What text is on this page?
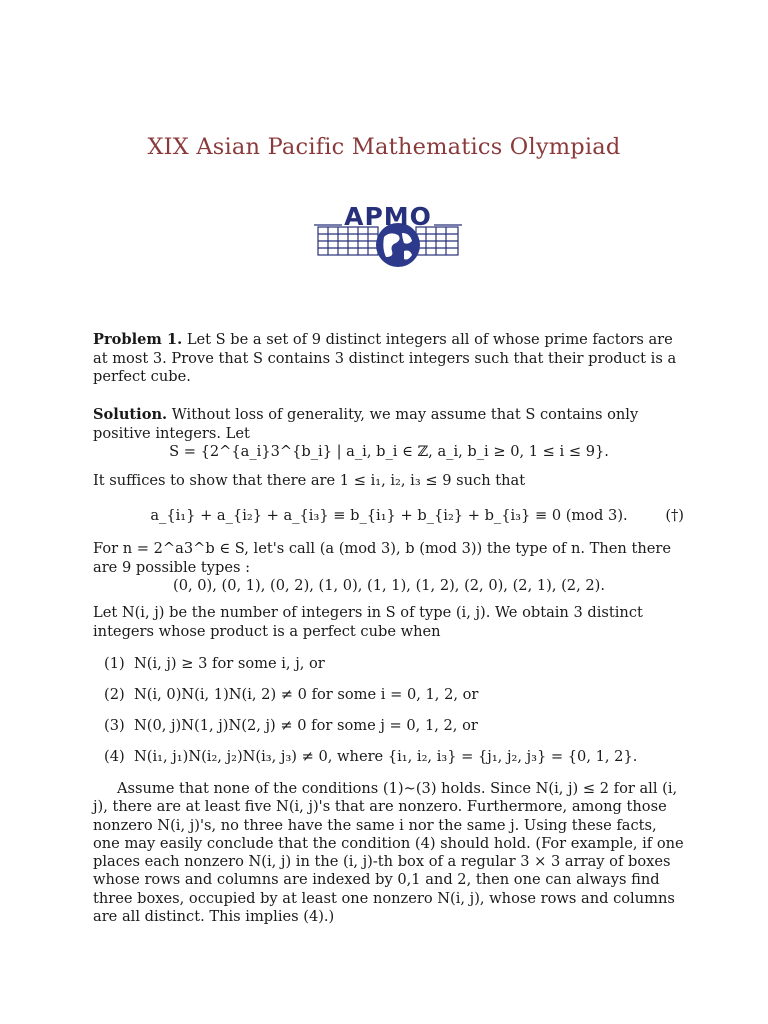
XIX Asian Pacific Mathematics Olympiad
APMO
Problem 1. Let S be a set of 9 distinct integers all of whose prime factors are at most 3. Prove that S contains 3 distinct integers such that their product is a perfect cube.
Solution. Without loss of generality, we may assume that S contains only positive integers. Let
S = {2^{a_i}3^{b_i} | a_i, b_i ∈ ℤ, a_i, b_i ≥ 0, 1 ≤ i ≤ 9}.
It suffices to show that there are 1 ≤ i₁, i₂, i₃ ≤ 9 such that
a_{i₁} + a_{i₂} + a_{i₃} ≡ b_{i₁} + b_{i₂} + b_{i₃} ≡ 0 (mod 3).	(†)
For n = 2^a3^b ∈ S, let's call (a (mod 3), b (mod 3)) the type of n. Then there are 9 possible types :
(0, 0), (0, 1), (0, 2), (1, 0), (1, 1), (1, 2), (2, 0), (2, 1), (2, 2).
Let N(i, j) be the number of integers in S of type (i, j). We obtain 3 distinct integers whose product is a perfect cube when
(1) N(i, j) ≥ 3 for some i, j, or
(2) N(i, 0)N(i, 1)N(i, 2) ≠ 0 for some i = 0, 1, 2, or
(3) N(0, j)N(1, j)N(2, j) ≠ 0 for some j = 0, 1, 2, or
(4) N(i₁, j₁)N(i₂, j₂)N(i₃, j₃) ≠ 0, where {i₁, i₂, i₃} = {j₁, j₂, j₃} = {0, 1, 2}.
Assume that none of the conditions (1)∼(3) holds. Since N(i, j) ≤ 2 for all (i, j), there are at least five N(i, j)'s that are nonzero. Furthermore, among those nonzero N(i, j)'s, no three have the same i nor the same j. Using these facts, one may easily conclude that the condition (4) should hold. (For example, if one places each nonzero N(i, j) in the (i, j)-th box of a regular 3 × 3 array of boxes whose rows and columns are indexed by 0,1 and 2, then one can always find three boxes, occupied by at least one nonzero N(i, j), whose rows and columns are all distinct. This implies (4).)
